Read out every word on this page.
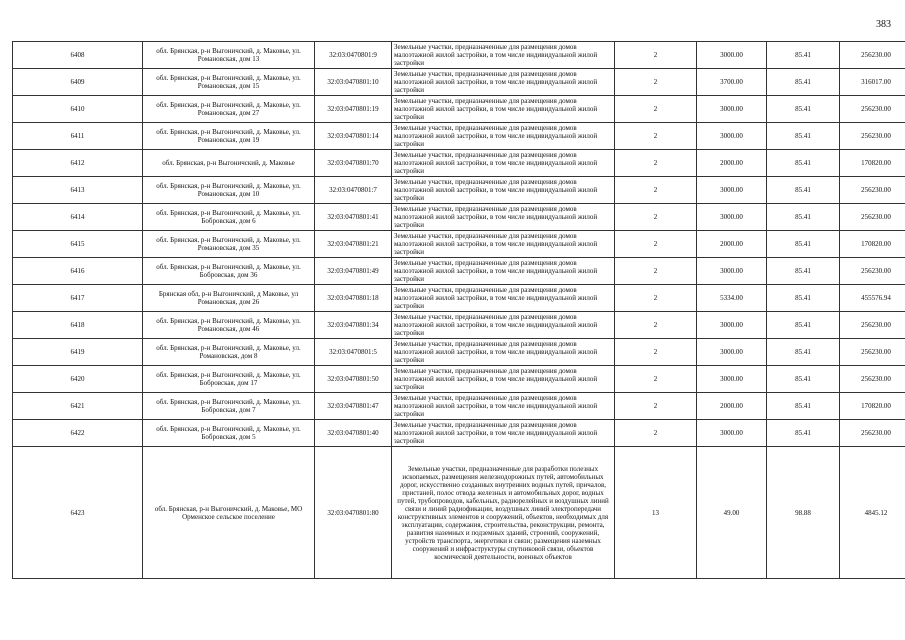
383
6408	обл. Брянская, р-н Выгоничский, д. Маковье, ул. Романовская, дом 13	32:03:0470801:9	Земельные участки, предназначенные для размещения домов малоэтажной жилой застройки, в том числе индивидуальной жилой застройки	2	3000.00	85.41	256230.00
6409	обл. Брянская, р-н Выгоничский, д. Маковье, ул. Романовская, дом 15	32:03:0470801:10	Земельные участки, предназначенные для размещения домов малоэтажной жилой застройки, в том числе индивидуальной жилой застройки	2	3700.00	85.41	316017.00
6410	обл. Брянская, р-н Выгоничский, д. Маковье, ул. Романовская, дом 27	32:03:0470801:19	Земельные участки, предназначенные для размещения домов малоэтажной жилой застройки, в том числе индивидуальной жилой застройки	2	3000.00	85.41	256230.00
6411	обл. Брянская, р-н Выгоничский, д. Маковье, ул. Романовская, дом 19	32:03:0470801:14	Земельные участки, предназначенные для размещения домов малоэтажной жилой застройки, в том числе индивидуальной жилой застройки	2	3000.00	85.41	256230.00
6412	обл. Брянская, р-н Выгоничский, д. Маковье	32:03:0470801:70	Земельные участки, предназначенные для размещения домов малоэтажной жилой застройки, в том числе индивидуальной жилой застройки	2	2000.00	85.41	170820.00
6413	обл. Брянская, р-н Выгоничский, д. Маковье, ул. Романовская, дом 10	32:03:0470801:7	Земельные участки, предназначенные для размещения домов малоэтажной жилой застройки, в том числе индивидуальной жилой застройки	2	3000.00	85.41	256230.00
6414	обл. Брянская, р-н Выгоничский, д. Маковье, ул. Бобровская, дом 6	32:03:0470801:41	Земельные участки, предназначенные для размещения домов малоэтажной жилой застройки, в том числе индивидуальной жилой застройки	2	3000.00	85.41	256230.00
6415	обл. Брянская, р-н Выгоничский, д. Маковье, ул. Романовская, дом 35	32:03:0470801:21	Земельные участки, предназначенные для размещения домов малоэтажной жилой застройки, в том числе индивидуальной жилой застройки	2	2000.00	85.41	170820.00
6416	обл. Брянская, р-н Выгоничский, д. Маковье, ул. Бобровская, дом 36	32:03:0470801:49	Земельные участки, предназначенные для размещения домов малоэтажной жилой застройки, в том числе индивидуальной жилой застройки	2	3000.00	85.41	256230.00
6417	Брянская обл, р-н Выгоничский, д Маковье, ул Романовская, дом 26	32:03:0470801:18	Земельные участки, предназначенные для размещения домов малоэтажной жилой застройки, в том числе индивидуальной жилой застройки	2	5334.00	85.41	455576.94
6418	обл. Брянская, р-н Выгоничский, д. Маковье, ул. Романовская, дом 46	32:03:0470801:34	Земельные участки, предназначенные для размещения домов малоэтажной жилой застройки, в том числе индивидуальной жилой застройки	2	3000.00	85.41	256230.00
6419	обл. Брянская, р-н Выгоничский, д. Маковье, ул. Романовская, дом 8	32:03:0470801:5	Земельные участки, предназначенные для размещения домов малоэтажной жилой застройки, в том числе индивидуальной жилой застройки	2	3000.00	85.41	256230.00
6420	обл. Брянская, р-н Выгоничский, д. Маковье, ул. Бобровская, дом 17	32:03:0470801:50	Земельные участки, предназначенные для размещения домов малоэтажной жилой застройки, в том числе индивидуальной жилой застройки	2	3000.00	85.41	256230.00
6421	обл. Брянская, р-н Выгоничский, д. Маковье, ул. Бобровская, дом 7	32:03:0470801:47	Земельные участки, предназначенные для размещения домов малоэтажной жилой застройки, в том числе индивидуальной жилой застройки	2	2000.00	85.41	170820.00
6422	обл. Брянская, р-н Выгоничский, д. Маковье, ул. Бобровская, дом 5	32:03:0470801:40	Земельные участки, предназначенные для размещения домов малоэтажной жилой застройки, в том числе индивидуальной жилой застройки	2	3000.00	85.41	256230.00
6423	обл. Брянская, р-н Выгоничский, д. Маковье, МО Орменское сельское поселение	32:03:0470801:80	Земельные участки, предназначенные для разработки полезных ископаемых, размещения железнодорожных путей, автомобильных дорог, искусственно созданных внутренних водных путей, причалов, пристаней, полос отвода железных и автомобильных дорог, водных путей, трубопроводов, кабельных, радиорелейных и воздушных линий связи и линий радиофикации, воздушных линий электропередачи конструктивных элементов и сооружений, объектов, необходимых для эксплуатации, содержания, строительства, реконструкции, ремонта, развития наземных и подземных зданий, строений, сооружений, устройств транспорта, энергетики и связи; размещения наземных сооружений и инфраструктуры спутниковой связи, объектов космической деятельности, военных объектов	13	49.00	98.88	4845.12
